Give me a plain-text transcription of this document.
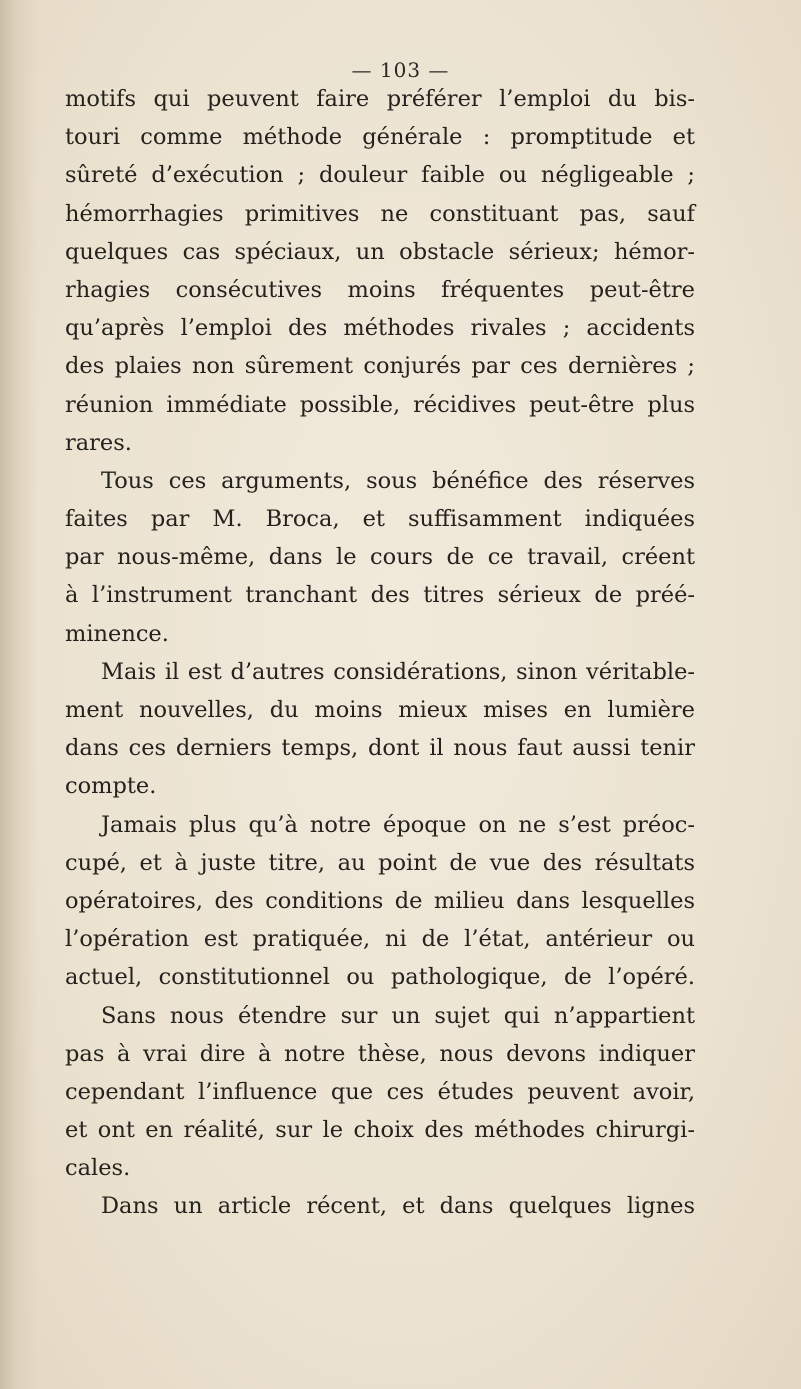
— 103 —
motifs qui peuvent faire préférer l’emploi du bis-
touri comme méthode générale : promptitude et
sûreté d’exécution ; douleur faible ou négligeable ;
hémorrhagies primitives ne constituant pas, sauf
quelques cas spéciaux, un obstacle sérieux; hémor-
rhagies consécutives moins fréquentes peut-être
qu’après l’emploi des méthodes rivales ; accidents
des plaies non sûrement conjurés par ces dernières ;
réunion immédiate possible, récidives peut-être plus
rares.
Tous ces arguments, sous bénéfice des réserves
faites par M. Broca, et suffisamment indiquées
par nous-même, dans le cours de ce travail, créent
à l’instrument tranchant des titres sérieux de préé-
minence.
Mais il est d’autres considérations, sinon véritable-
ment nouvelles, du moins mieux mises en lumière
dans ces derniers temps, dont il nous faut aussi tenir
compte.
Jamais plus qu’à notre époque on ne s’est préoc-
cupé, et à juste titre, au point de vue des résultats
opératoires, des conditions de milieu dans lesquelles
l’opération est pratiquée, ni de l’état, antérieur ou
actuel, constitutionnel ou pathologique, de l’opéré.
Sans nous étendre sur un sujet qui n’appartient
pas à vrai dire à notre thèse, nous devons indiquer
cependant l’influence que ces études peuvent avoir,
et ont en réalité, sur le choix des méthodes chirurgi-
cales.
Dans un article récent, et dans quelques lignes
